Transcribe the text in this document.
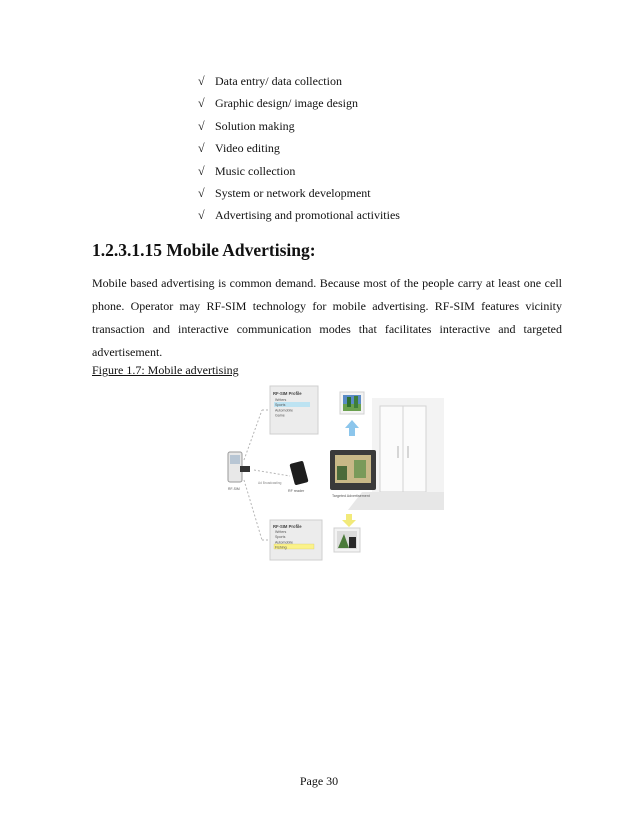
√ Data entry/ data collection
√ Graphic design/ image design
√ Solution making
√ Video editing
√ Music collection
√ System or network development
√ Advertising and promotional activities
1.2.3.1.15 Mobile Advertising:

Mobile based advertising is common demand. Because most of the people carry at least one cell phone. Operator may RF-SIM technology for mobile advertising. RF-SIM features vicinity transaction and interactive communication modes that facilitates interactive and targeted advertisement.

Figure 1.7: Mobile advertising

RF-SIM Profile
Writers
Sports
Automobile
Game
Targeted Advertisement
RF reader
Ad Broadcasting
RF-SIM
RF-SIM Profile
Writers
Sports
Automobile
Fishing
Page 30
